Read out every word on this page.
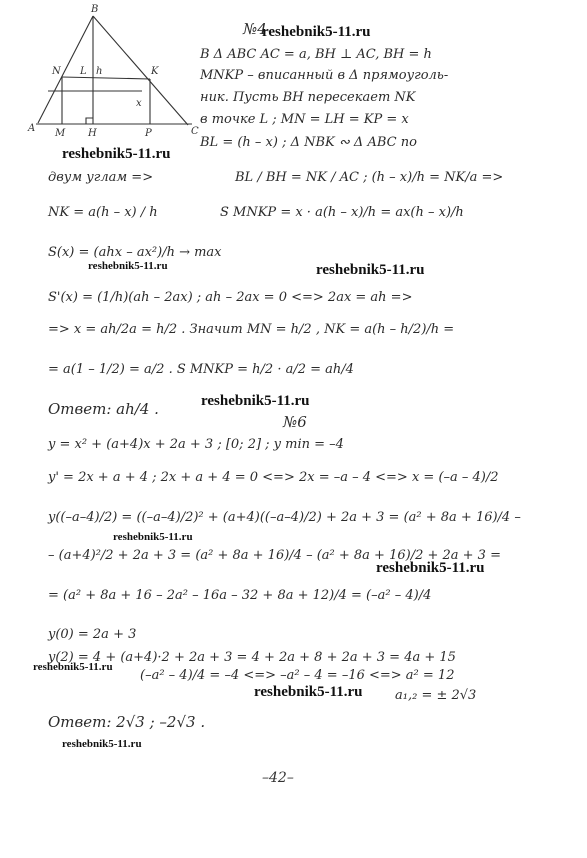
B
A	C
M
N	K
H	P
L h
x
№4
В Δ ABC AC = a, BH ⊥ AC, BH = h
MNKP – вписанный в Δ прямоуголь-
ник. Пусть BH пересекает NK
в точке L ; MN = LH = KP = x
BL = (h – x) ; Δ NBK ∾ Δ ABC по
двум углам =>	BL / BH = NK / AC ; (h – x)/h = NK/a =>
NK = a(h – x) / h	S MNKP = x · a(h – x)/h = ax(h – x)/h
S(x) = (ahx – ax²)/h → max
S'(x) = (1/h)(ah – 2ax) ; ah – 2ax = 0 <=> 2ax = ah =>
=> x = ah/2a = h/2 . Значит MN = h/2 , NK = a(h – h/2)/h =
= a(1 – 1/2) = a/2 . S MNKP = h/2 · a/2 = ah/4
Ответ: ah/4 .
№6
y = x² + (a+4)x + 2a + 3 ; [0; 2] ; y min = –4
y' = 2x + a + 4 ; 2x + a + 4 = 0 <=> 2x = –a – 4 <=> x = (–a – 4)/2
y((–a–4)/2) = ((–a–4)/2)² + (a+4)((–a–4)/2) + 2a + 3 = (a² + 8a + 16)/4 –
– (a+4)²/2 + 2a + 3 = (a² + 8a + 16)/4 – (a² + 8a + 16)/2 + 2a + 3 =
= (a² + 8a + 16 – 2a² – 16a – 32 + 8a + 12)/4 = (–a² – 4)/4
y(0) = 2a + 3
y(2) = 4 + (a+4)·2 + 2a + 3 = 4 + 2a + 8 + 2a + 3 = 4a + 15
(–a² – 4)/4 = –4 <=> –a² – 4 = –16 <=> a² = 12
a₁,₂ = ± 2√3
Ответ: 2√3 ; –2√3 .
reshebnik5-11.ru
reshebnik5-11.ru
reshebnik5-11.ru	reshebnik5-11.ru
reshebnik5-11.ru
reshebnik5-11.ru
reshebnik5-11.ru
reshebnik5-11.ru
reshebnik5-11.ru
reshebnik5-11.ru
–42–
